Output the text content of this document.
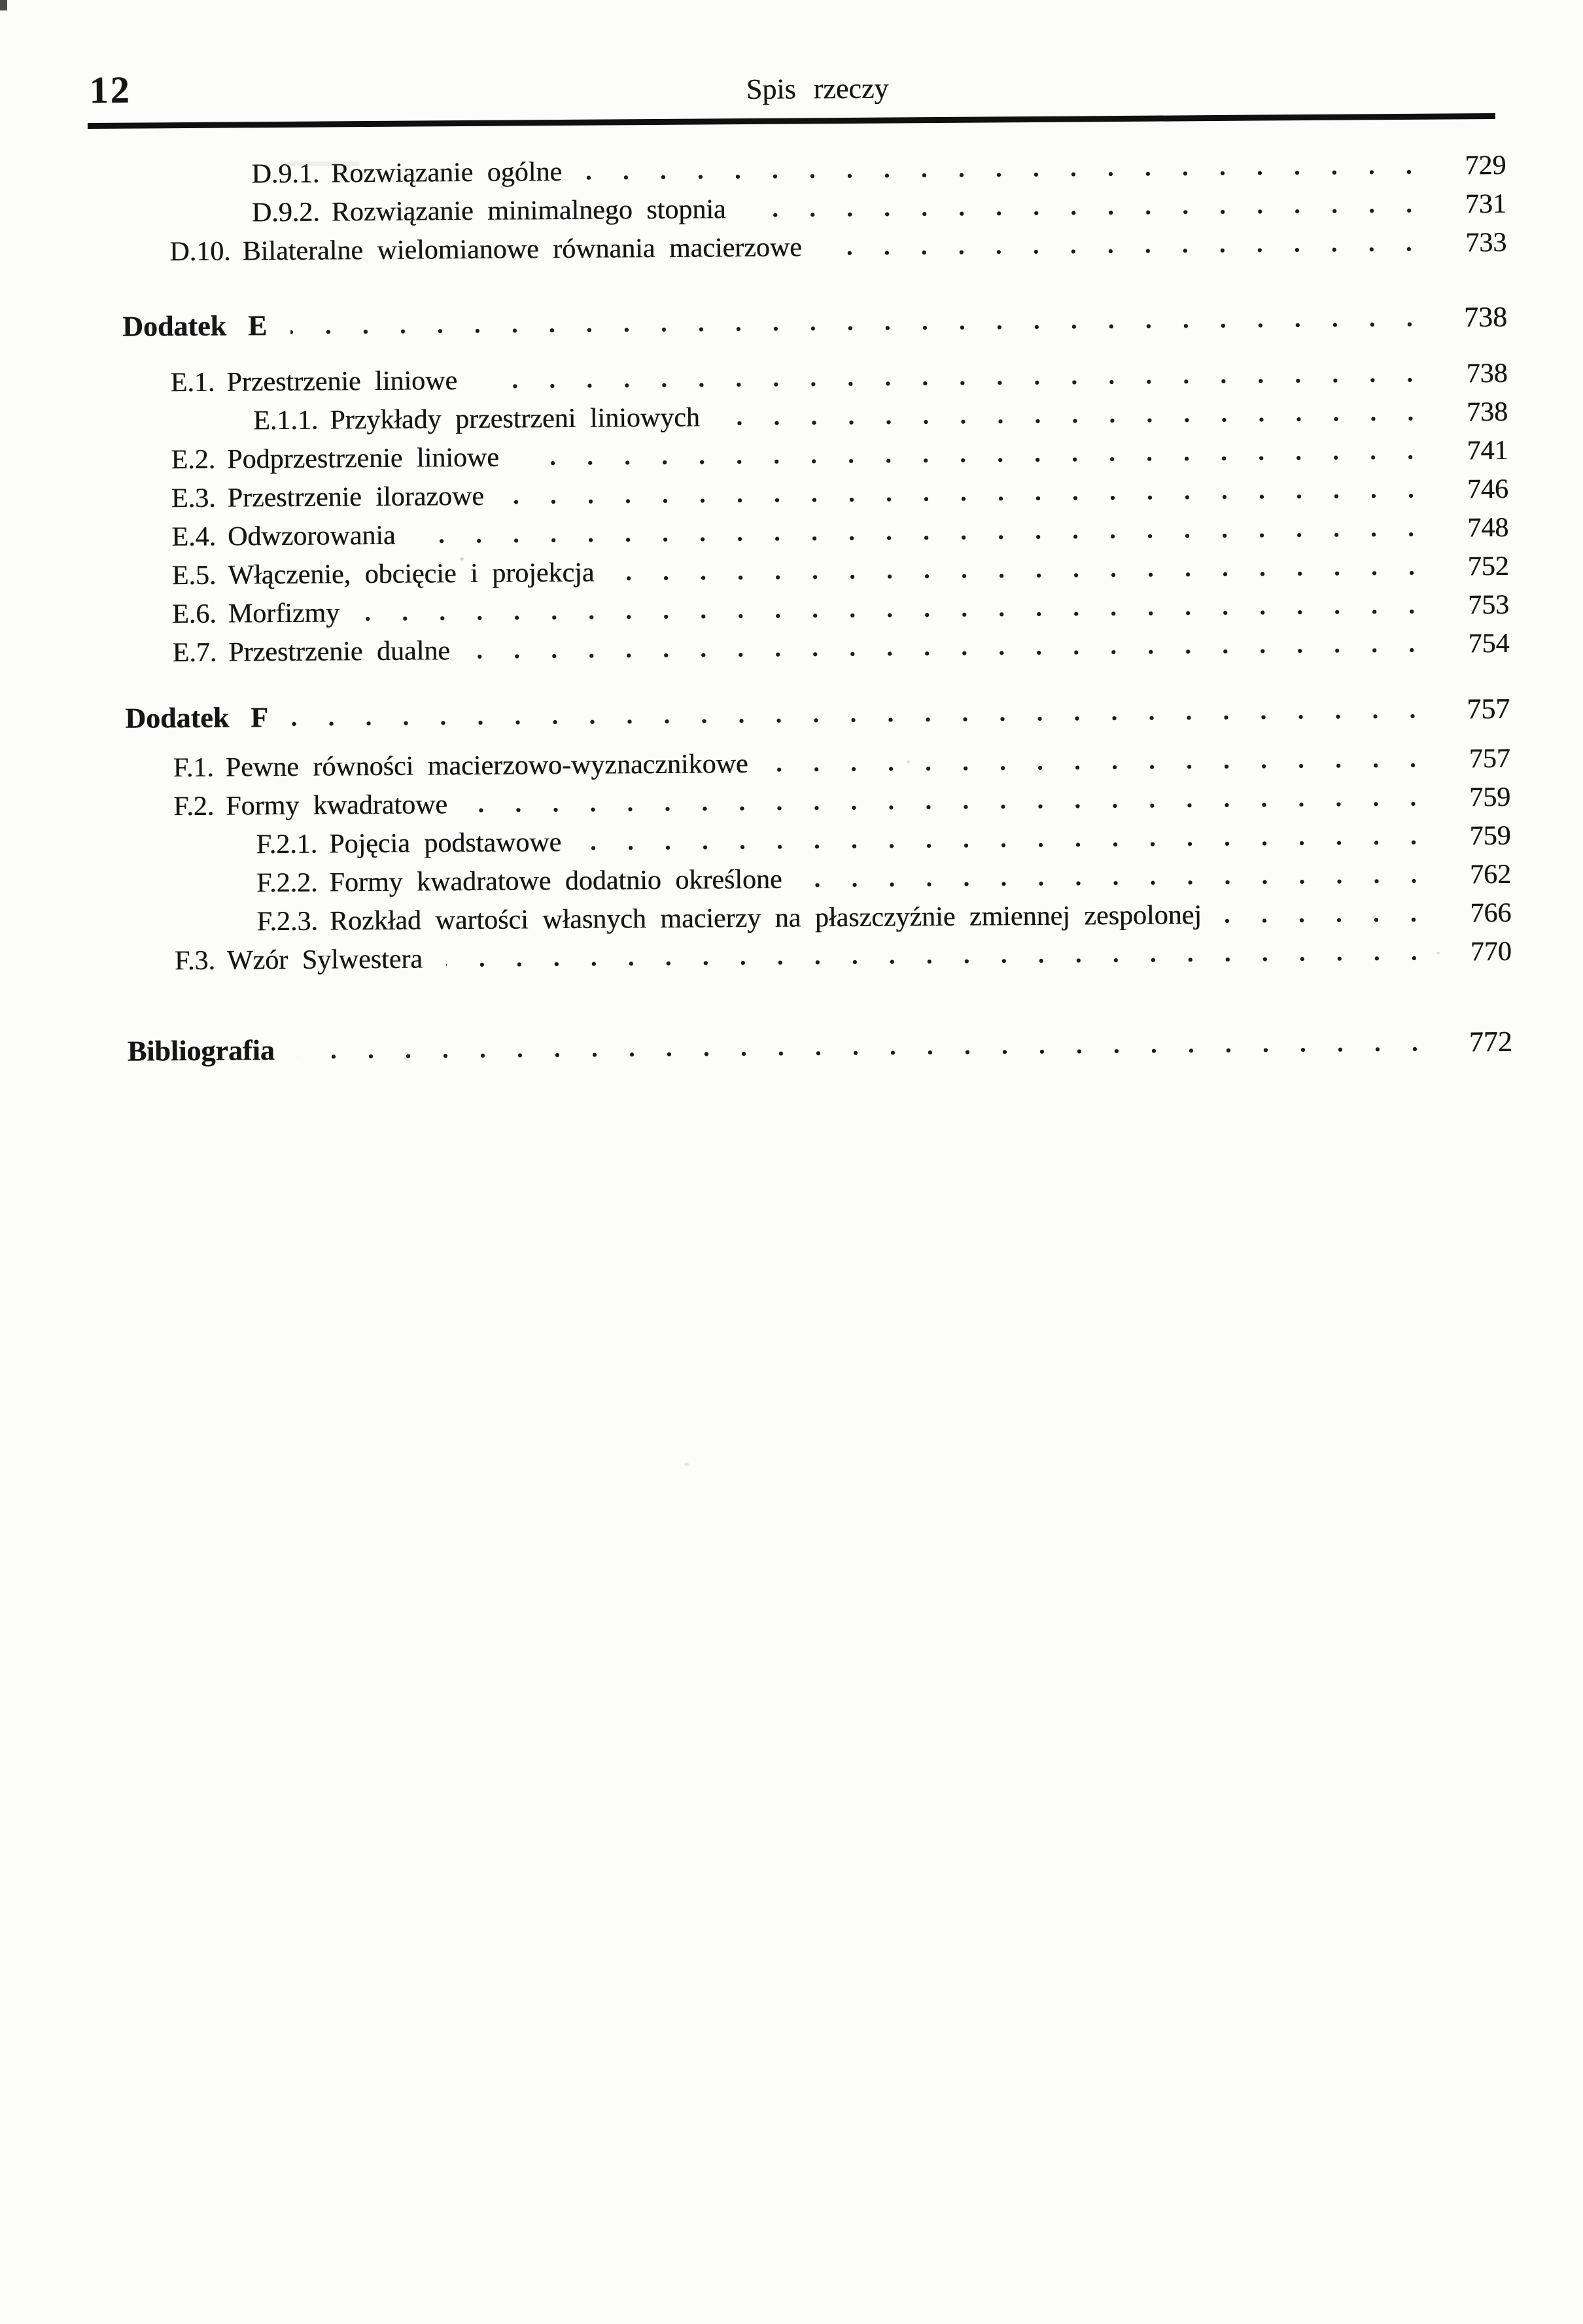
12	Spis rzeczy
D.9.1. Rozwiązanie ogólne	729
D.9.2. Rozwiązanie minimalnego stopnia	731
D.10. Bilateralne wielomianowe równania macierzowe	733
Dodatek E	738
E.1. Przestrzenie liniowe	738
E.1.1. Przykłady przestrzeni liniowych	738
E.2. Podprzestrzenie liniowe	741
E.3. Przestrzenie ilorazowe	746
E.4. Odwzorowania	748
E.5. Włączenie, obcięcie i projekcja	752
E.6. Morfizmy	753
E.7. Przestrzenie dualne	754
Dodatek F	757
F.1. Pewne równości macierzowo-wyznacznikowe	757
F.2. Formy kwadratowe	759
F.2.1. Pojęcia podstawowe	759
F.2.2. Formy kwadratowe dodatnio określone	762
F.2.3. Rozkład wartości własnych macierzy na płaszczyźnie zmiennej zespolonej	766
F.3. Wzór Sylwestera	770
Bibliografia	772
